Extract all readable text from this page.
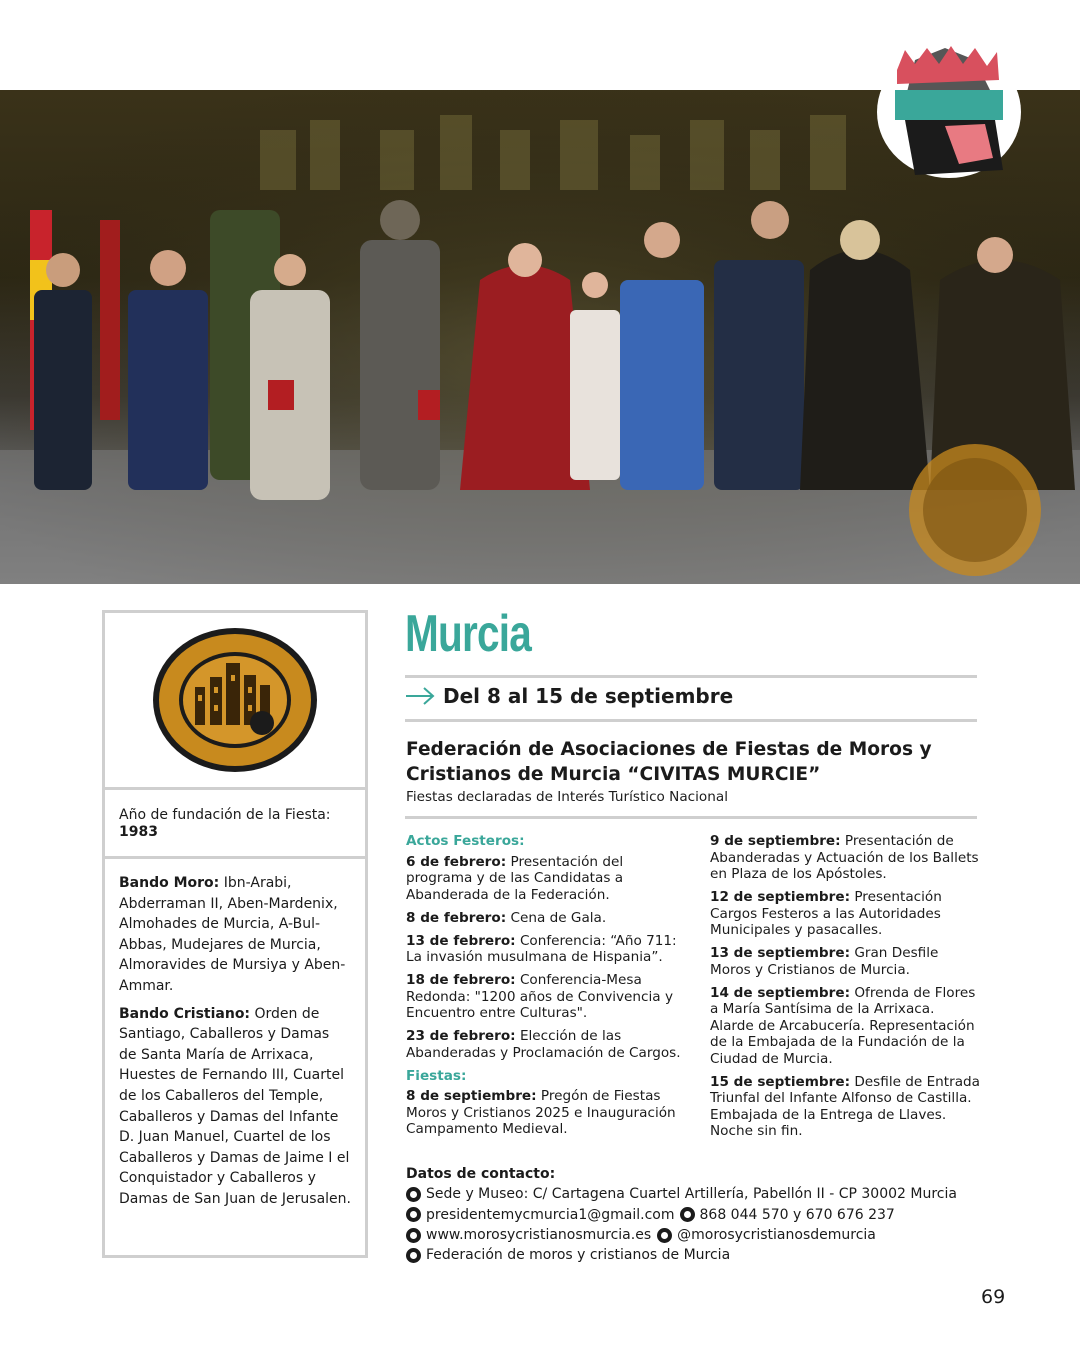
Año de fundación de la Fiesta: 1983

Bando Moro: Ibn-Arabi, Abderraman II, Aben-Mardenix, Almohades de Murcia, A-Bul-Abbas, Mudejares de Murcia, Almoravides de Mursiya y Aben-Ammar.

Bando Cristiano: Orden de Santiago, Caballeros y Damas de Santa María de Arrixaca, Huestes de Fernando III, Cuartel de los Caballeros del Temple, Caballeros y Damas del Infante D. Juan Manuel, Cuartel de los Caballeros y Damas de Jaime I el Conquistador y Caballeros y Damas de San Juan de Jerusalen.

Murcia
Del 8 al 15 de septiembre
Federación de Asociaciones de Fiestas de Moros y Cristianos de Murcia “CIVITAS MURCIE”
Fiestas declaradas de Interés Turístico Nacional

Actos Festeros:

6 de febrero: Presentación del programa y de las Candidatas a Abanderada de la Federación.

8 de febrero: Cena de Gala.

13 de febrero: Conferencia: “Año 711: La invasión musulmana de Hispania”.

18 de febrero: Conferencia-Mesa Redonda: "1200 años de Convivencia y Encuentro entre Culturas".

23 de febrero: Elección de las Abanderadas y Proclamación de Cargos.

Fiestas:

8 de septiembre: Pregón de Fiestas Moros y Cristianos 2025 e Inauguración Campamento Medieval.

9 de septiembre: Presentación de Abanderadas y Actuación de los Ballets en Plaza de los Apóstoles.

12 de septiembre: Presentación Cargos Festeros a las Autoridades Municipales y pasacalles.

13 de septiembre: Gran Desfile Moros y Cristianos de Murcia.

14 de septiembre: Ofrenda de Flores a María Santísima de la Arrixaca. Alarde de Arcabucería. Representación de la Embajada de la Fundación de la Ciudad de Murcia.

15 de septiembre: Desfile de Entrada Triunfal del Infante Alfonso de Castilla. Embajada de la Entrega de Llaves. Noche sin fin.

Datos de contacto:
Sede y Museo: C/ Cartagena Cuartel Artillería, Pabellón II - CP 30002 Murcia
presidentemycmurcia1@gmail.com 868 044 570 y 670 676 237
www.morosycristianosmurcia.es @morosycristianosdemurcia
Federación de moros y cristianos de Murcia
69
